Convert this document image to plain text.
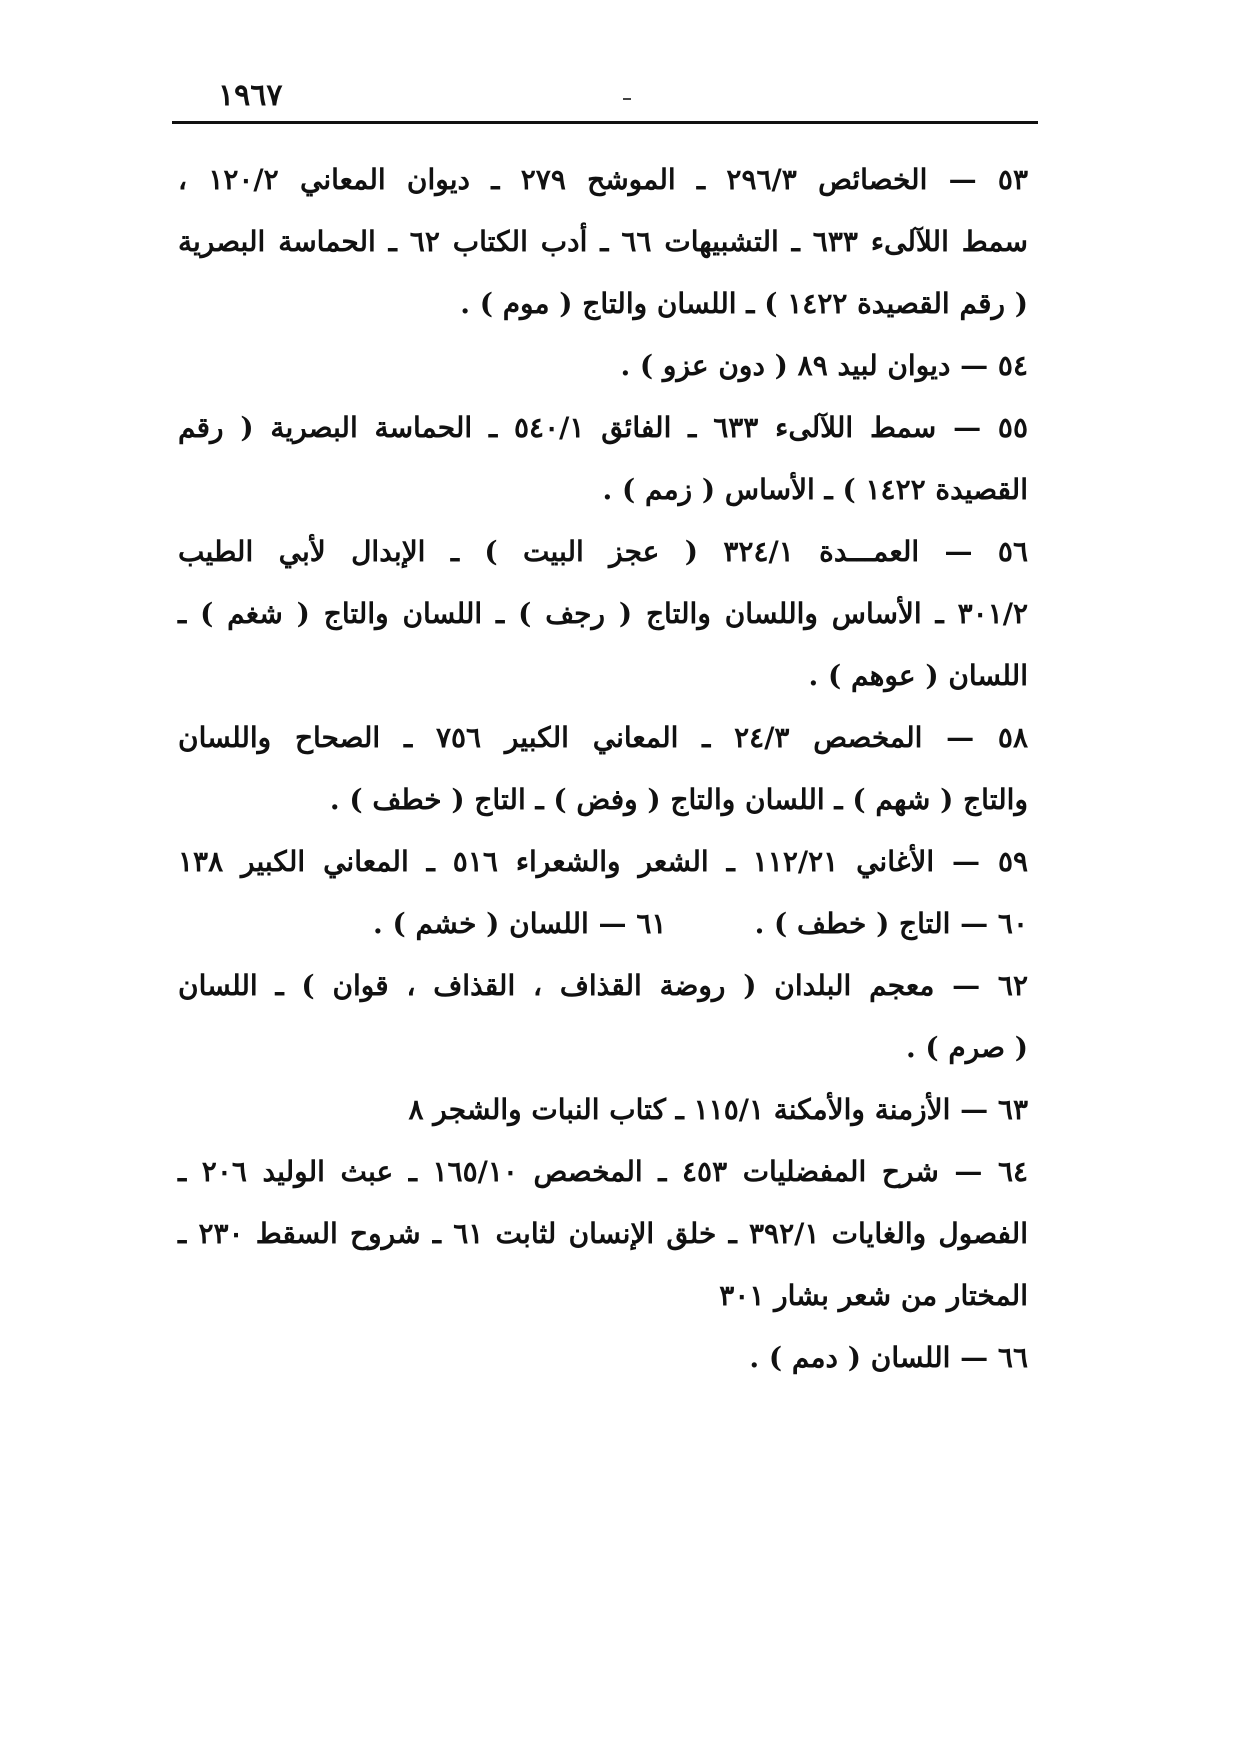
١٩٦٧
٥٣ — الخصائص ٢٩٦/٣ ـ الموشح ٢٧٩ ـ ديوان المعاني ١٢٠/٢ ،
سمط اللآلىء ٦٣٣ ـ التشبيهات ٦٦ ـ أدب الكتاب ٦٢ ـ الحماسة البصرية
( رقم القصيدة ١٤٢٢ ) ـ اللسان والتاج ( موم ) .
٥٤ — ديوان لبيد ٨٩ ( دون عزو ) .
٥٥ — سمط اللآلىء ٦٣٣ ـ الفائق ٥٤٠/١ ـ الحماسة البصرية ( رقم
القصيدة ١٤٢٢ ) ـ الأساس ( زمم ) .
٥٦ — العمـــدة ٣٢٤/١ ( عجز البيت ) ـ الإبدال لأبي الطيب
٣٠١/٢ ـ الأساس واللسان والتاج ( رجف ) ـ اللسان والتاج ( شغم ) ـ
اللسان ( عوهم ) .
٥٨ — المخصص ٢٤/٣ ـ المعاني الكبير ٧٥٦ ـ الصحاح واللسان
والتاج ( شهم ) ـ اللسان والتاج ( وفض ) ـ التاج ( خطف ) .
٥٩ — الأغاني ١١٢/٢١ ـ الشعر والشعراء ٥١٦ ـ المعاني الكبير ١٣٨
٦٠ — التاج ( خطف ) .
٦١ — اللسان ( خشم ) .
٦٢ — معجم البلدان ( روضة القذاف ، القذاف ، قوان ) ـ اللسان
( صرم ) .
٦٣ — الأزمنة والأمكنة ١١٥/١ ـ كتاب النبات والشجر ٨
٦٤ — شرح المفضليات ٤٥٣ ـ المخصص ١٦٥/١٠ ـ عبث الوليد ٢٠٦ ـ
الفصول والغايات ٣٩٢/١ ـ خلق الإنسان لثابت ٦١ ـ شروح السقط ٢٣٠ ـ
المختار من شعر بشار ٣٠١
٦٦ — اللسان ( دمم ) .
